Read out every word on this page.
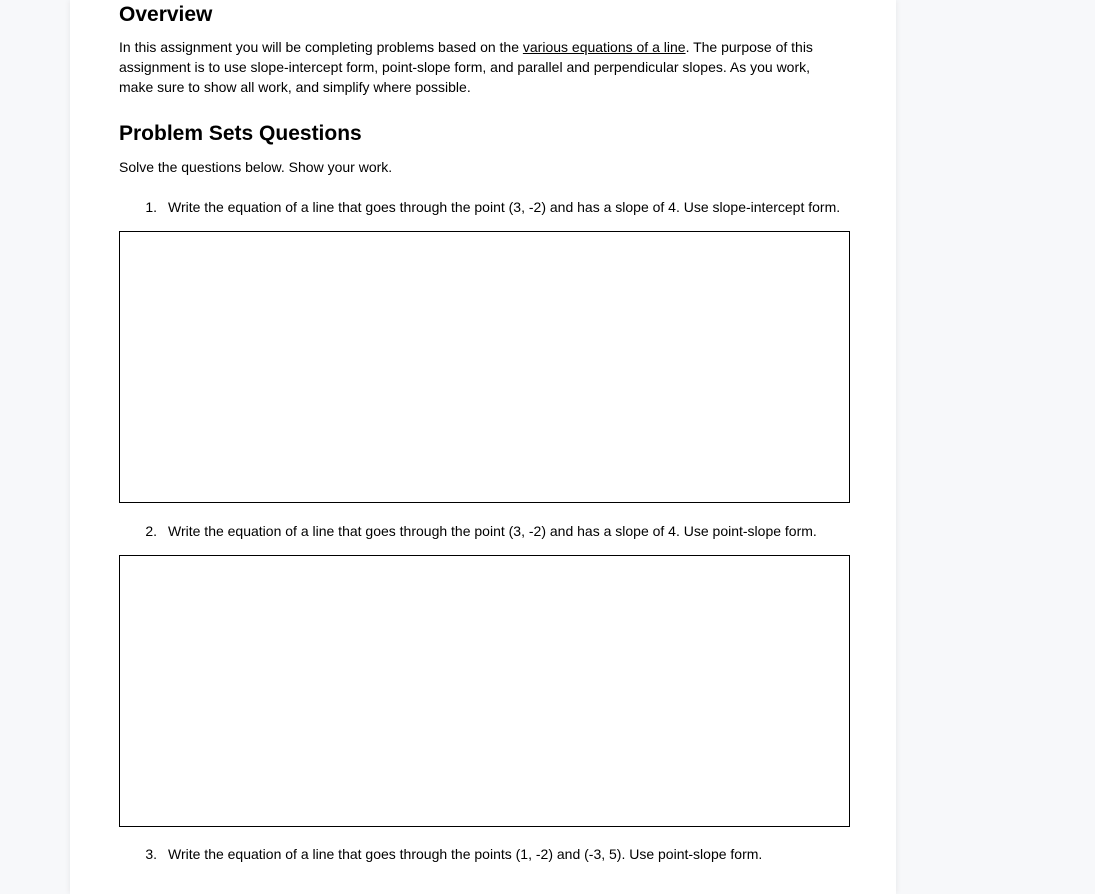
Overview

In this assignment you will be completing problems based on the various equations of a line. The purpose of this assignment is to use slope-intercept form, point-slope form, and parallel and perpendicular slopes. As you work, make sure to show all work, and simplify where possible.

Problem Sets Questions

Solve the questions below. Show your work.

1. Write the equation of a line that goes through the point (3, -2) and has a slope of 4. Use slope-intercept form.
2. Write the equation of a line that goes through the point (3, -2) and has a slope of 4. Use point-slope form.
3. Write the equation of a line that goes through the points (1, -2) and (-3, 5). Use point-slope form.
